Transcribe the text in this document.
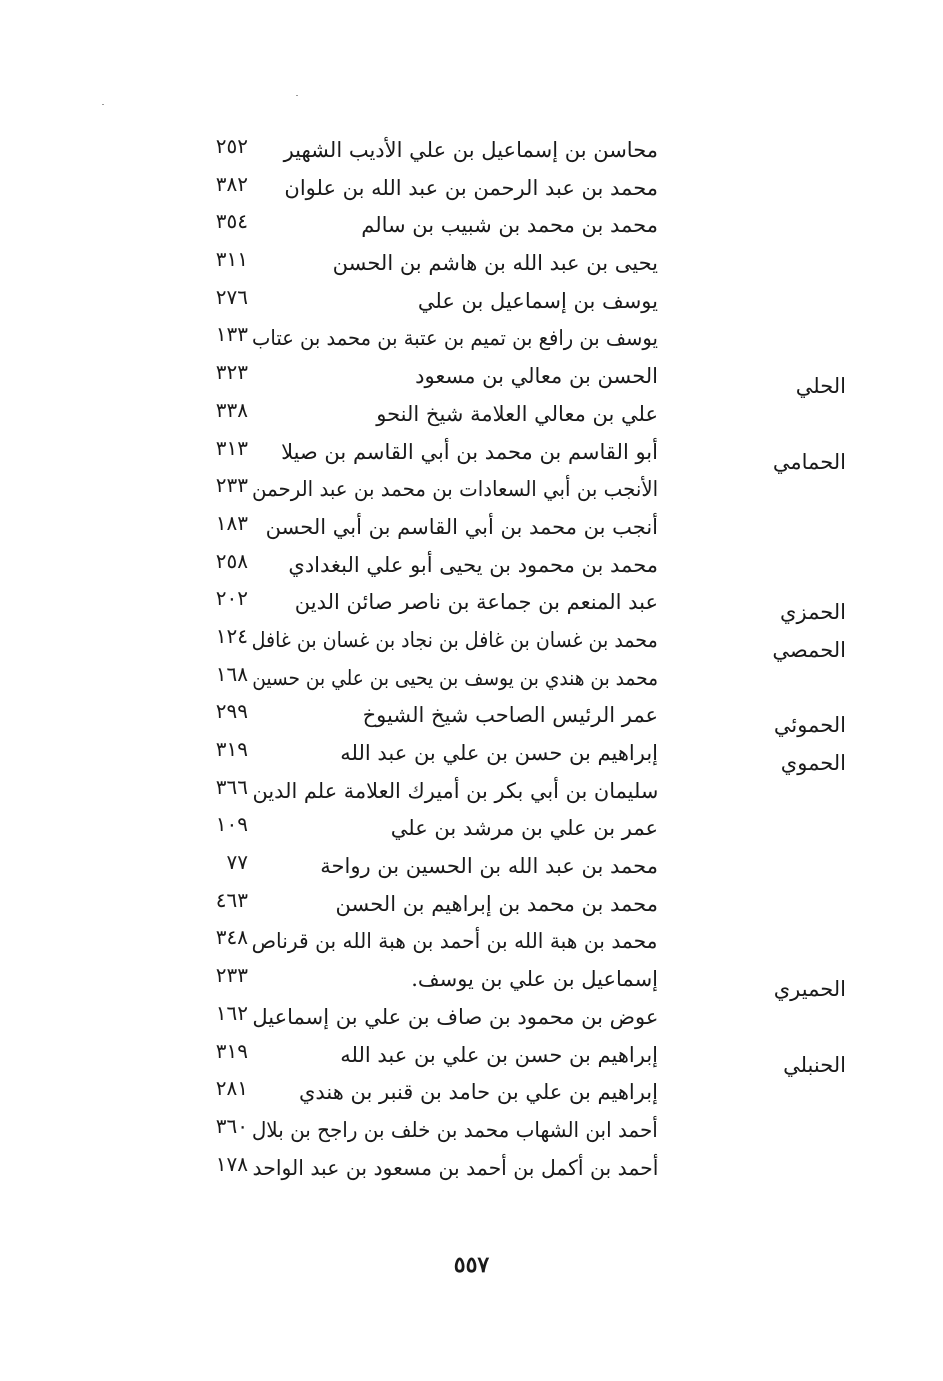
محاسن بن إسماعيل بن علي الأديب الشهير
٢٥٢
محمد بن عبد الرحمن بن عبد الله بن علوان
٣٨٢
محمد بن محمد بن شبيب بن سالم
٣٥٤
يحيى بن عبد الله بن هاشم بن الحسن
٣١١
يوسف بن إسماعيل بن علي
٢٧٦
يوسف بن رافع بن تميم بن عتبة بن محمد بن عتاب
١٣٣
الحلي
الحسن بن معالي بن مسعود
٣٢٣
علي بن معالي العلامة شيخ النحو
٣٣٨
الحمامي
أبو القاسم بن محمد بن أبي القاسم بن صيلا
٣١٣
الأنجب بن أبي السعادات بن محمد بن عبد الرحمن
٢٣٣
أنجب بن محمد بن أبي القاسم بن أبي الحسن
١٨٣
محمد بن محمود بن يحيى أبو علي البغدادي
٢٥٨
الحمزي
عبد المنعم بن جماعة بن ناصر صائن الدين
٢٠٢
الحمصي
محمد بن غسان بن غافل بن نجاد بن غسان بن غافل
١٢٤
محمد بن هندي بن يوسف بن يحيى بن علي بن حسين
١٦٨
الحموئي
عمر الرئيس الصاحب شيخ الشيوخ
٢٩٩
الحموي
إبراهيم بن حسن بن علي بن عبد الله
٣١٩
سليمان بن أبي بكر بن أميرك العلامة علم الدين
٣٦٦
عمر بن علي بن مرشد بن علي
١٠٩
محمد بن عبد الله بن الحسين بن رواحة
٧٧
محمد بن محمد بن إبراهيم بن الحسن
٤٦٣
محمد بن هبة الله بن أحمد بن هبة الله بن قرناص
٣٤٨
الحميري
إسماعيل بن علي بن يوسف.
٢٣٣
عوض بن محمود بن صاف بن علي بن إسماعيل
١٦٢
الحنبلي
إبراهيم بن حسن بن علي بن عبد الله
٣١٩
إبراهيم بن علي بن حامد بن قنبر بن هندي
٢٨١
أحمد ابن الشهاب محمد بن خلف بن راجح بن بلال
٣٦٠
أحمد بن أكمل بن أحمد بن مسعود بن عبد الواحد
١٧٨
٥٥٧
